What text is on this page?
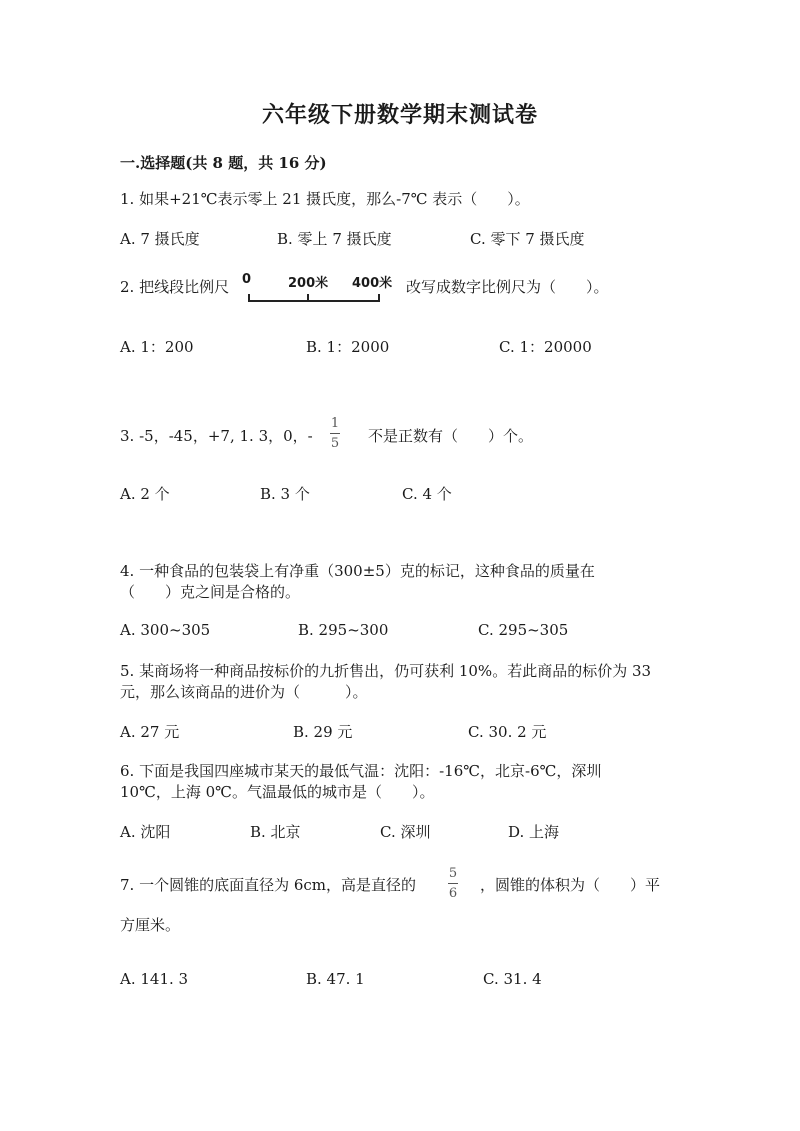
六年级下册数学期末测试卷
一.选择题(共 8 题，共 16 分)
1. 如果+21℃表示零上 21 摄氏度，那么-7℃ 表示（　　）。
A. 7 摄氏度	B. 零上 7 摄氏度	C. 零下 7 摄氏度
2. 把线段比例尺 0	200米 400米 改写成数字比例尺为（　　）。
A. 1：200	B. 1：2000	C. 1：20000
3. -5，-45，+7, 1. 3，0，-
1
5 不是正数有（　　）个。
A. 2 个	B. 3 个	C. 4 个
4. 一种食品的包装袋上有净重（300±5）克的标记，这种食品的质量在
（　　）克之间是合格的。
A. 300~305	B. 295~300	C. 295~305
5. 某商场将一种商品按标价的九折售出，仍可获利 10%。若此商品的标价为 33
元，那么该商品的进价为（　　　）。
A. 27 元	B. 29 元	C. 30. 2 元
6. 下面是我国四座城市某天的最低气温：沈阳：-16℃，北京-6℃，深圳
10℃，上海 0℃。气温最低的城市是（　　）。
A. 沈阳	B. 北京	C. 深圳	D. 上海
7. 一个圆锥的底面直径为 6cm，高是直径的
5
6 ，圆锥的体积为（　　）平
方厘米。
A. 141. 3	B. 47. 1	C. 31. 4
